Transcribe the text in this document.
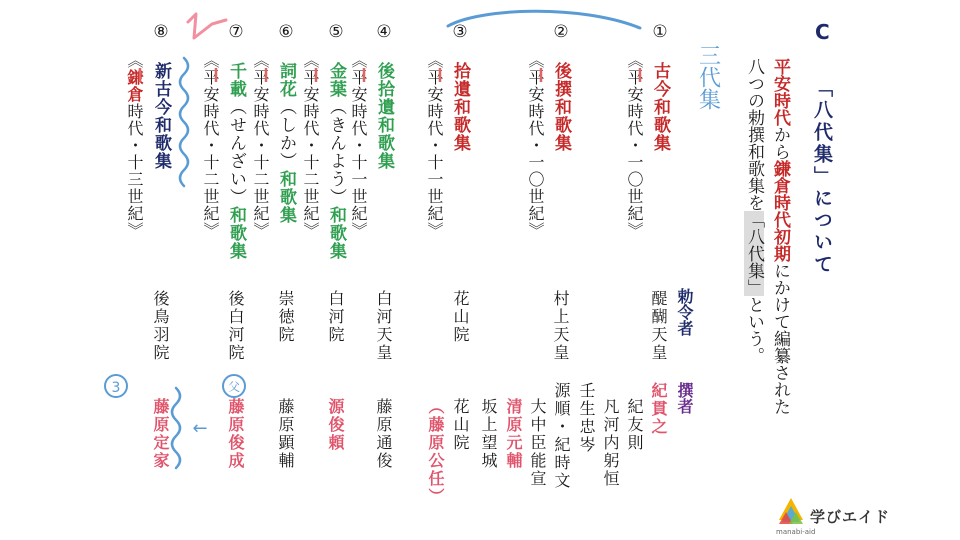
C
「八代集」について
平安時代から鎌倉時代初期にかけて編纂された
八つの勅撰和歌集を「八代集」という。
勅令者
撰者
①
古今和歌集
《平安時代・一〇世紀》
醍醐天皇
紀貫之
紀友則
凡河内躬恒
壬生忠岑
②
後撰和歌集
《平安時代・一〇世紀》
村上天皇
源順・紀時文
大中臣能宣
清原元輔
坂上望城
③
拾遺和歌集
《平安時代・十一世紀》
花山院
花山院
（藤原公任）
④
後拾遺和歌集
《平安時代・十一世紀》
白河天皇
藤原通俊
⑤
金葉（きんよう）和歌集
《平安時代・十二世紀》
白河院
源俊頼
⑥
詞花（しか）和歌集
《平安時代・十二世紀》
崇徳院
藤原顕輔
⑦
千載（せんざい）和歌集
《平安時代・十二世紀》
後白河院
藤原俊成
⑧
新古今和歌集
《鎌倉時代・十三世紀》
後鳥羽院
藤原定家
三代集
3	父
←
学びエイド
manabi-aid
